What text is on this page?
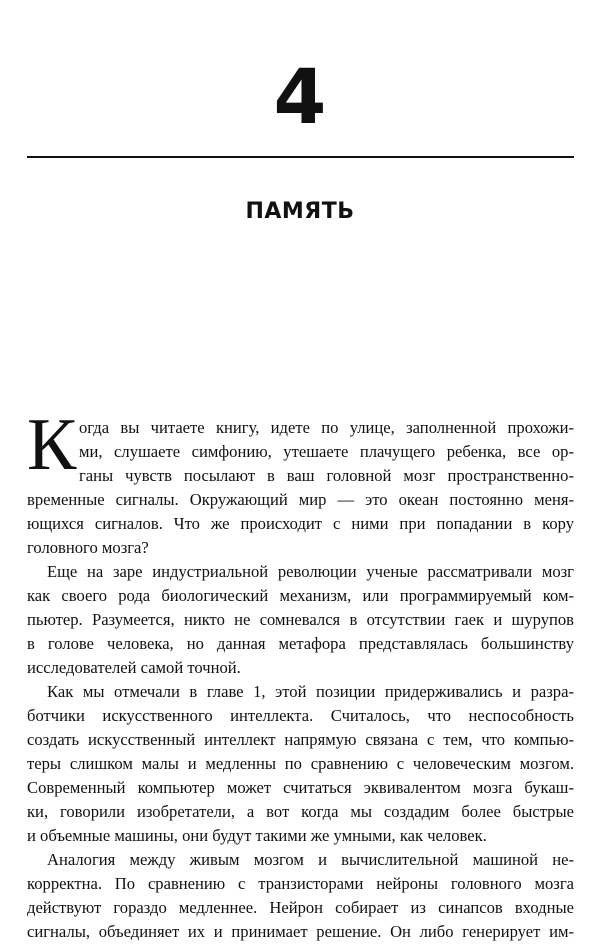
4
ПАМЯТЬ
К огда вы читаете книгу, идете по улице, заполненной прохожи-
ми, слушаете симфонию, утешаете плачущего ребенка, все ор-
ганы чувств посылают в ваш головной мозг пространственно-
временные сигналы. Окружающий мир — это океан постоянно меня-
ющихся сигналов. Что же происходит с ними при попадании в кору
головного мозга?
Еще на заре индустриальной революции ученые рассматривали мозг
как своего рода биологический механизм, или программируемый ком-
пьютер. Разумеется, никто не сомневался в отсутствии гаек и шурупов
в голове человека, но данная метафора представлялась большинству
исследователей самой точной.
Как мы отмечали в главе 1, этой позиции придерживались и разра-
ботчики искусственного интеллекта. Считалось, что неспособность
создать искусственный интеллект напрямую связана с тем, что компью-
теры слишком малы и медленны по сравнению с человеческим мозгом.
Современный компьютер может считаться эквивалентом мозга букаш-
ки, говорили изобретатели, а вот когда мы создадим более быстрые
и объемные машины, они будут такими же умными, как человек.
Аналогия между живым мозгом и вычислительной машиной не-
корректна. По сравнению с транзисторами нейроны головного мозга
действуют гораздо медленнее. Нейрон собирает из синапсов входные
сигналы, объединяет их и принимает решение. Он либо генерирует им-
